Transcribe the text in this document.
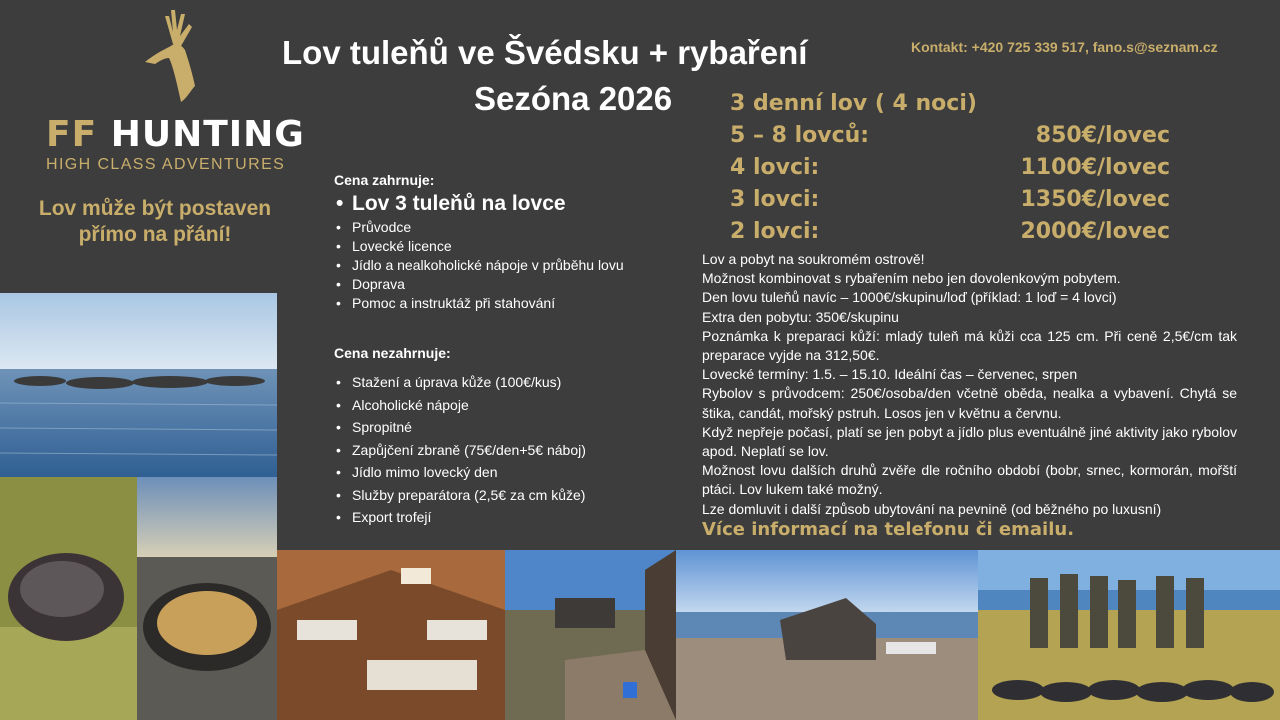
FF HUNTING
HIGH CLASS ADVENTURES
Lov může být postaven přímo na přání!
Lov tuleňů ve Švédsku + rybaření
Sezóna 2026
Kontakt: +420 725 339 517, fano.s@seznam.cz
3 denní lov ( 4 noci)
5 – 8 lovců:	850€/lovec
4 lovci:	1100€/lovec
3 lovci:	1350€/lovec
2 lovci:	2000€/lovec
Cena zahrnuje:
• Lov 3 tuleňů na lovce
• Průvodce
• Lovecké licence
• Jídlo a nealkoholické nápoje v průběhu lovu
• Doprava
• Pomoc a instruktáž při stahování
Cena nezahrnuje:
• Stažení a úprava kůže (100€/kus)
• Alcoholické nápoje
• Spropitné
• Zapůjčení zbraně (75€/den+5€ náboj)
• Jídlo mimo lovecký den
• Služby preparátora (2,5€ za cm kůže)
• Export trofejí

Lov a pobyt na soukromém ostrově!

Možnost kombinovat s rybařením nebo jen dovolenkovým pobytem.

Den lovu tuleňů navíc – 1000€/skupinu/loď (příklad: 1 loď = 4 lovci)

Extra den pobytu: 350€/skupinu

Poznámka k preparaci kůží: mladý tuleň má kůži cca 125 cm. Při ceně 2,5€/cm tak preparace vyjde na 312,50€.

Lovecké termíny: 1.5. – 15.10. Ideální čas – červenec, srpen

Rybolov s průvodcem: 250€/osoba/den včetně oběda, nealka a vybavení. Chytá se štika, candát, mořský pstruh. Losos jen v květnu a červnu.

Když nepřeje počasí, platí se jen pobyt a jídlo plus eventuálně jiné aktivity jako rybolov apod. Neplatí se lov.

Možnost lovu dalších druhů zvěře dle ročního období (bobr, srnec, kormorán, mořští ptáci. Lov lukem také možný.

Lze domluvit i další způsob ubytování na pevnině (od běžného po luxusní)

Více informací na telefonu či emailu.
